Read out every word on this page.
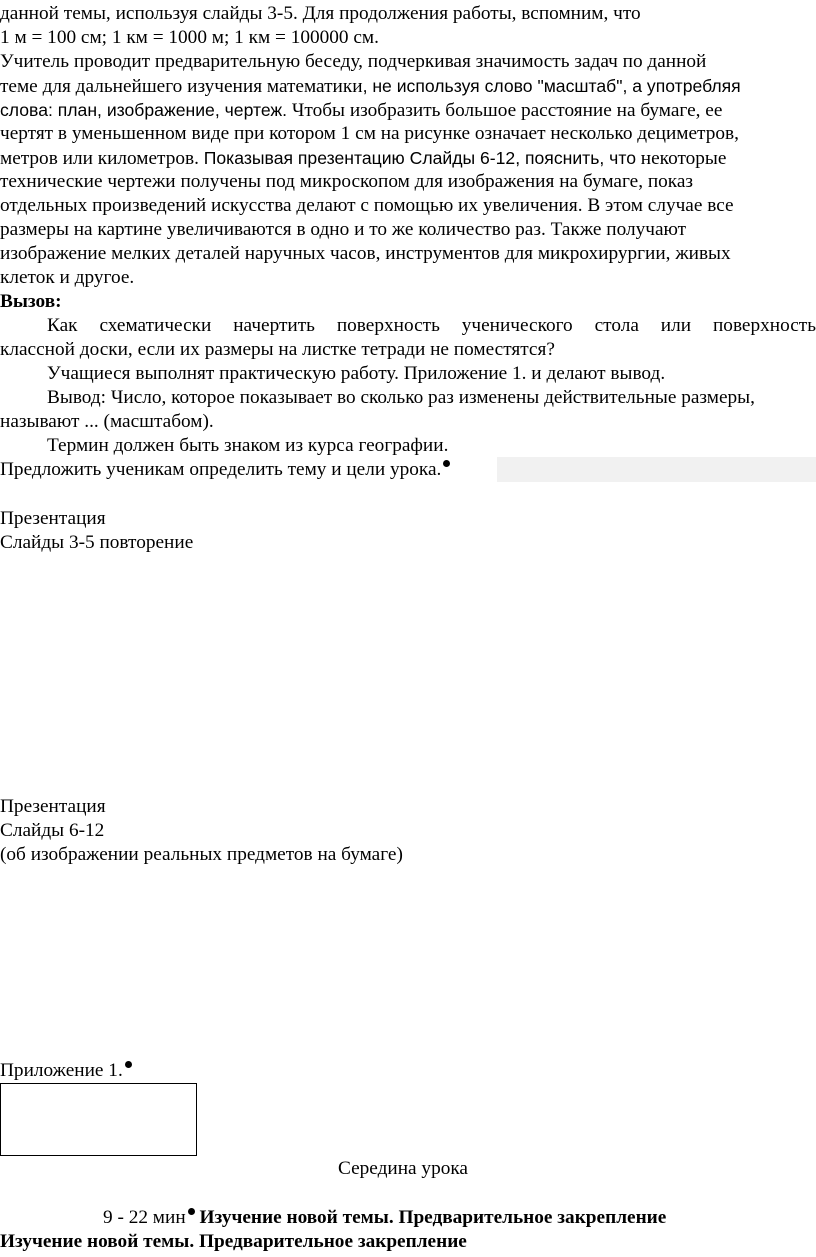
данной темы, используя слайды 3-5. Для продолжения работы, вспомним, что
1 м = 100 см; 1 км = 1000 м; 1 км = 100000 см.
Учитель проводит предварительную беседу, подчеркивая значимость задач по данной
теме для дальнейшего изучения математики, не используя слово "масштаб", а употребляя
слова: план, изображение, чертеж. Чтобы изобразить большое расстояние на бумаге, ее
чертят в уменьшенном виде при котором 1 см на рисунке означает несколько дециметров,
метров или километров. Показывая презентацию Слайды 6-12, пояснить, что некоторые
технические чертежи получены под микроскопом для изображения на бумаге, показ
отдельных произведений искусства делают с помощью их увеличения. В этом случае все
размеры на картине увеличиваются в одно и то же количество раз. Также получают
изображение мелких деталей наручных часов, инструментов для микрохирургии, живых
клеток и другое.
Вызов:
Как схематически начертить поверхность ученического стола или поверхность
классной доски, если их размеры на листке тетради не поместятся?
Учащиеся выполнят практическую работу. Приложение 1. и делают вывод.
Вывод: Число, которое показывает во сколько раз изменены действительные размеры,
называют ... (масштабом).
Термин должен быть знаком из курса географии.
Предложить ученикам определить тему и цели урока.
Презентация
Слайды 3-5 повторение
Презентация
Слайды 6-12
(об изображении реальных предметов на бумаге)
Приложение 1.
Середина урока
9 - 22 мин Изучение новой темы. Предварительное закрепление
Изучение новой темы. Предварительное закрепление
